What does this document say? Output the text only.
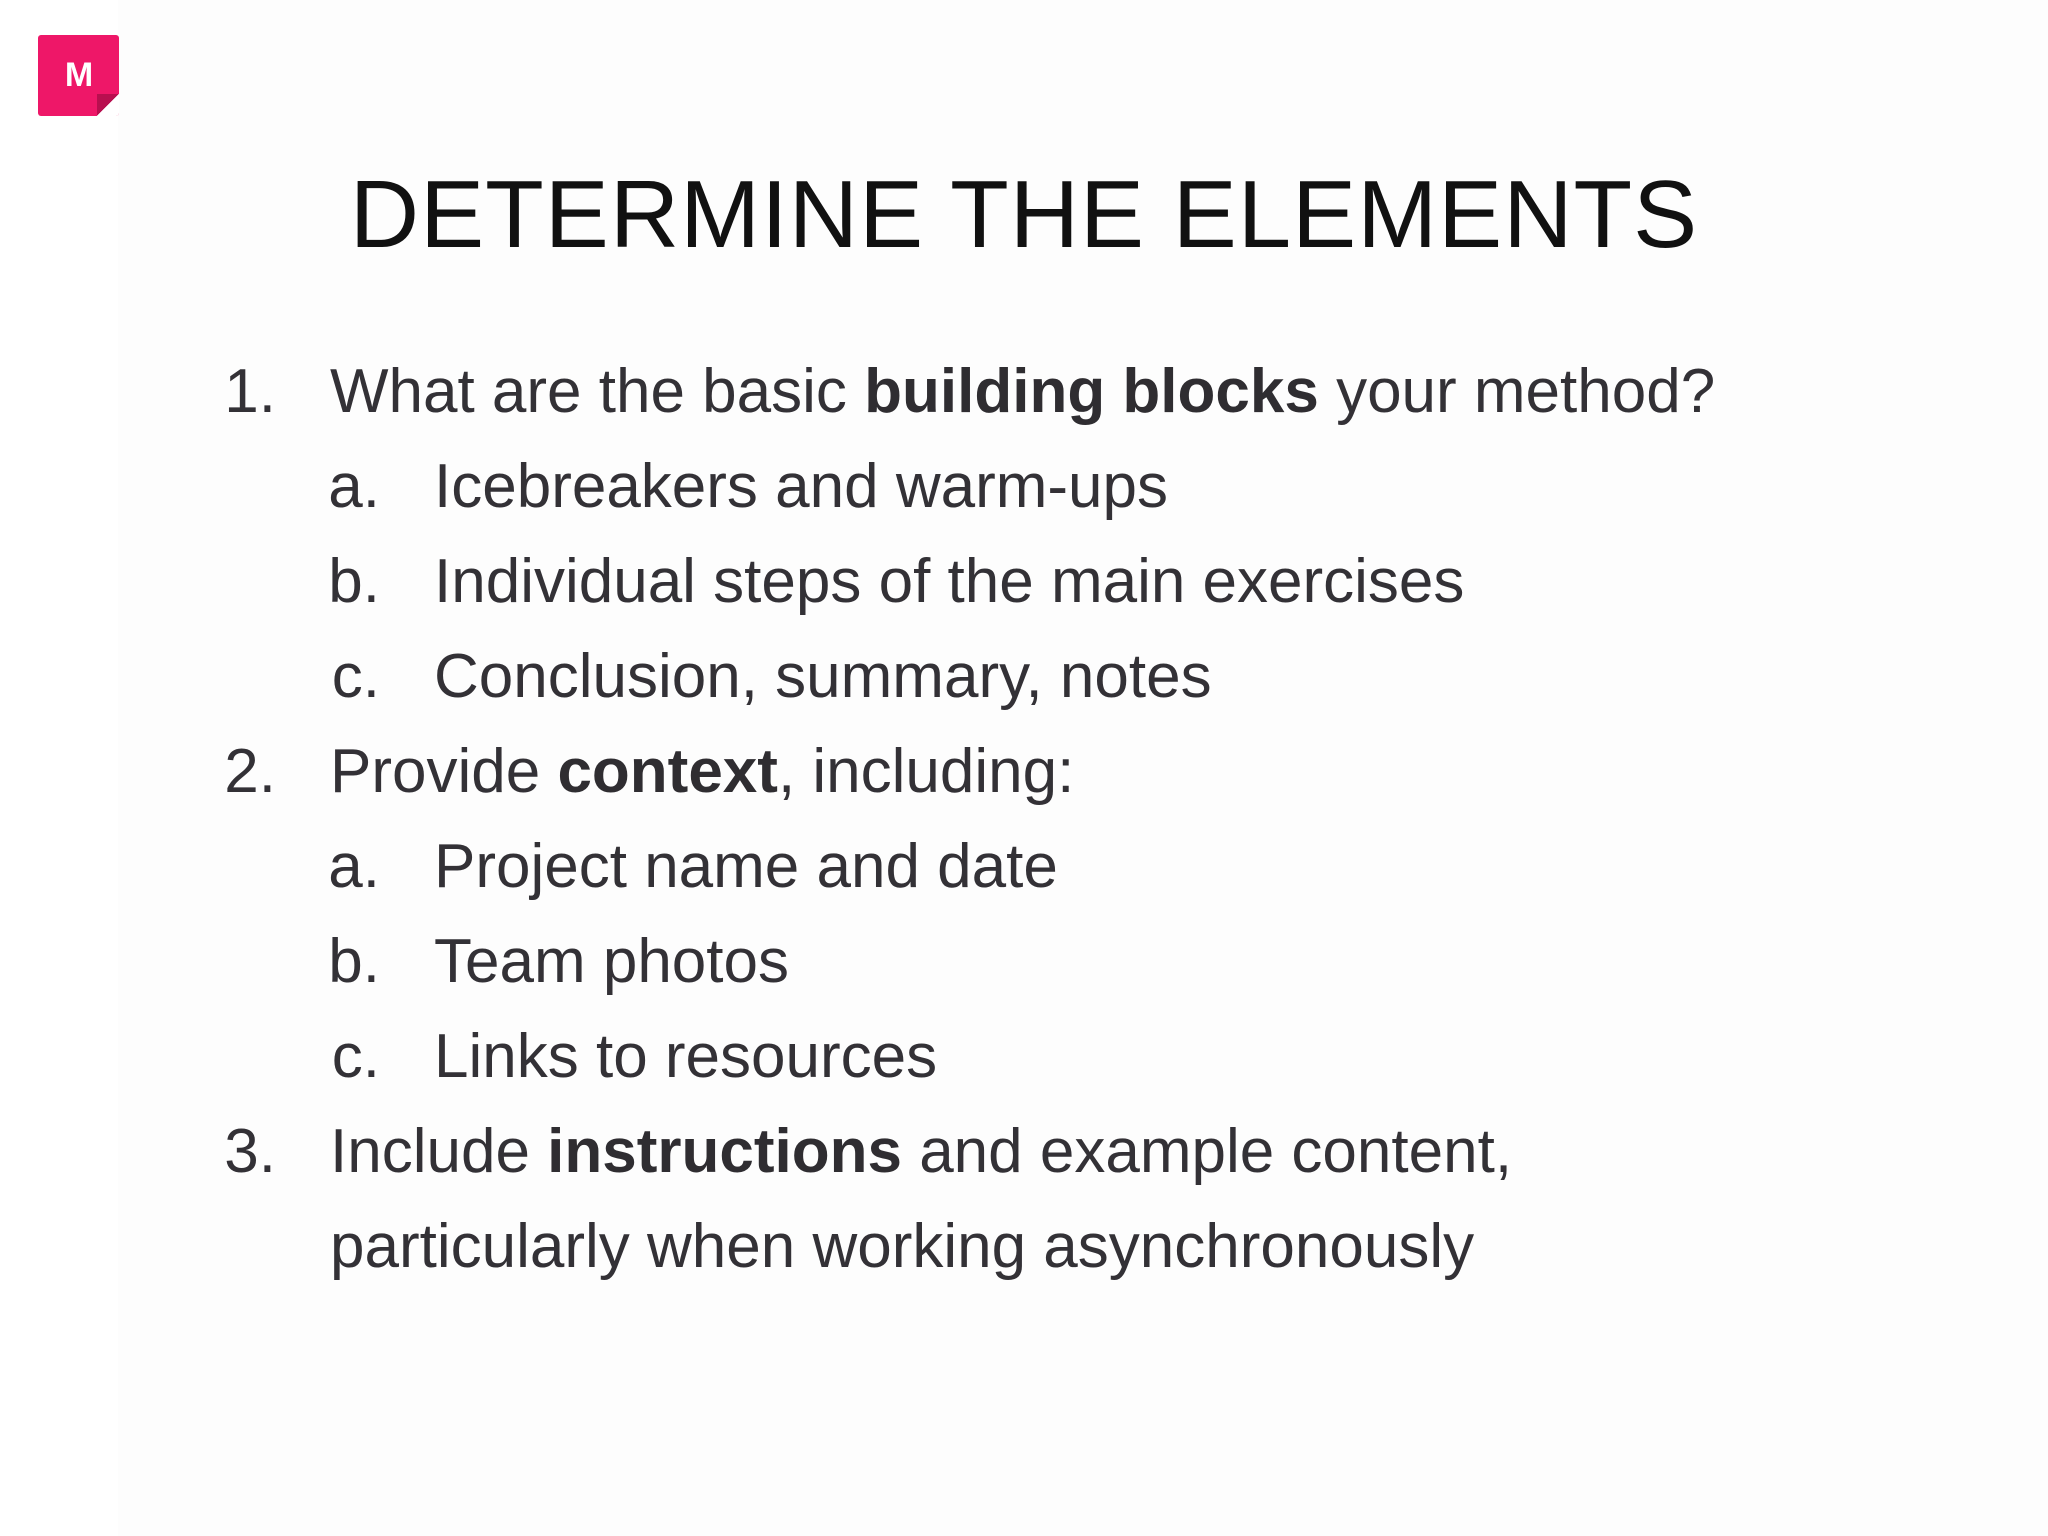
M
DETERMINE THE ELEMENTS
1. What are the basic building blocks your method?
a. Icebreakers and warm-ups
b. Individual steps of the main exercises
c. Conclusion, summary, notes
2. Provide context, including:
a. Project name and date
b. Team photos
c. Links to resources
3. Include instructions and example content,
particularly when working asynchronously
